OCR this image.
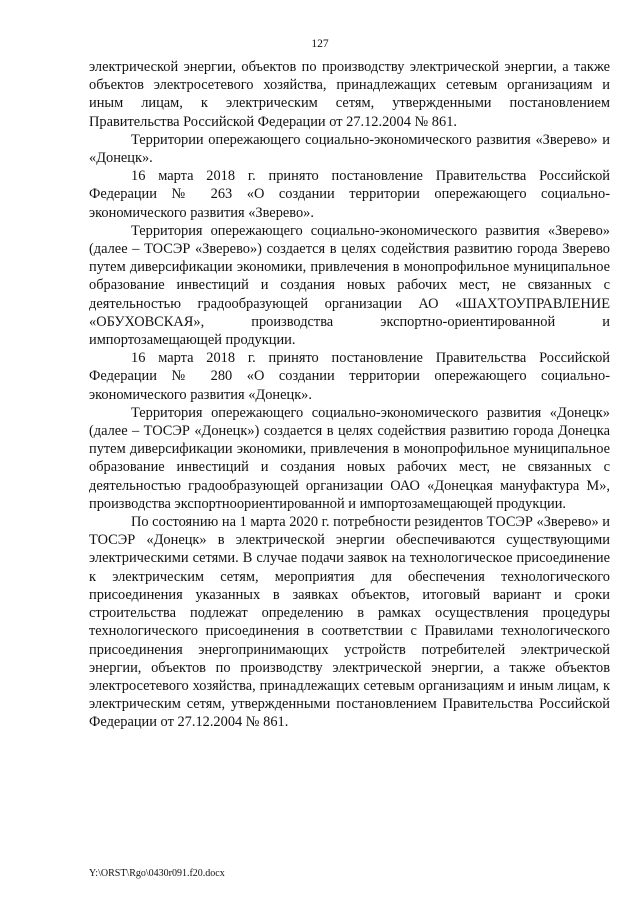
127

электрической энергии, объектов по производству электрической энергии, а также объектов электросетевого хозяйства, принадлежащих сетевым организациям и иным лицам, к электрическим сетям, утвержденными постановлением Правительства Российской Федерации от 27.12.2004 № 861.

Территории опережающего социально-экономического развития «Зверево» и «Донецк».

16 марта 2018 г. принято постановление Правительства Российской Федерации № 263 «О создании территории опережающего социально-экономического развития «Зверево».

Территория опережающего социально-экономического развития «Зверево» (далее – ТОСЭР «Зверево») создается в целях содействия развитию города Зверево путем диверсификации экономики, привлечения в монопрофильное муниципальное образование инвестиций и создания новых рабочих мест, не связанных с деятельностью градообразующей организации АО «ШАХТОУПРАВЛЕНИЕ «ОБУХОВСКАЯ», производства экспортно-ориентированной и импортозамещающей продукции.

16 марта 2018 г. принято постановление Правительства Российской Федерации № 280 «О создании территории опережающего социально-экономического развития «Донецк».

Территория опережающего социально-экономического развития «Донецк» (далее – ТОСЭР «Донецк») создается в целях содействия развитию города Донецка путем диверсификации экономики, привлечения в монопрофильное муниципальное образование инвестиций и создания новых рабочих мест, не связанных с деятельностью градообразующей организации ОАО «Донецкая мануфактура М», производства экспортноориентированной и импортозамещающей продукции.

По состоянию на 1 марта 2020 г. потребности резидентов ТОСЭР «Зверево» и ТОСЭР «Донецк» в электрической энергии обеспечиваются существующими электрическими сетями. В случае подачи заявок на технологическое присоединение к электрическим сетям, мероприятия для обеспечения технологического присоединения указанных в заявках объектов, итоговый вариант и сроки строительства подлежат определению в рамках осуществления процедуры технологического присоединения в соответствии с Правилами технологического присоединения энергопринимающих устройств потребителей электрической энергии, объектов по производству электрической энергии, а также объектов электросетевого хозяйства, принадлежащих сетевым организациям и иным лицам, к электрическим сетям, утвержденными постановлением Правительства Российской Федерации от 27.12.2004 № 861.

Y:\ORST\Rgo\0430r091.f20.docx
